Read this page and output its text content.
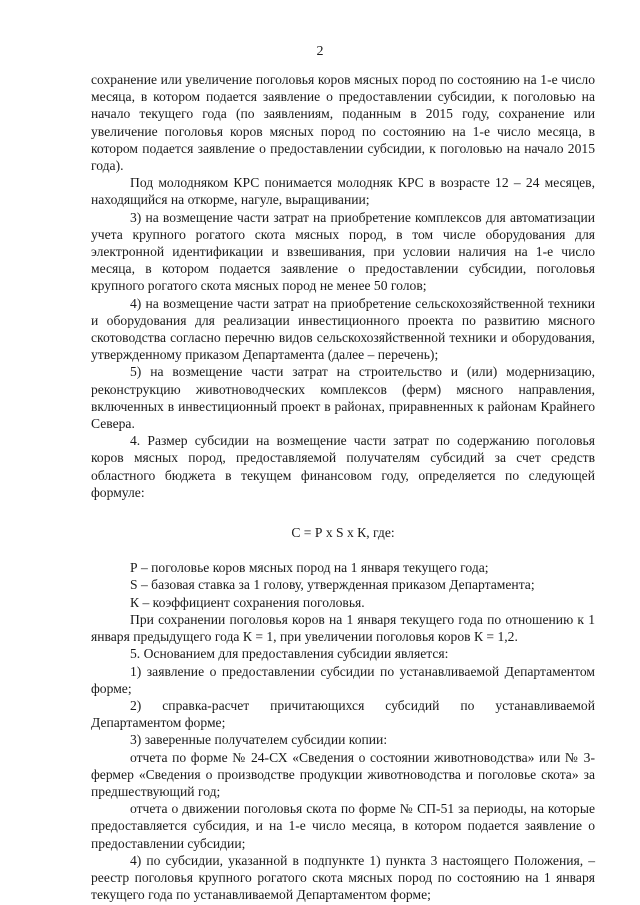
2

сохранение или увеличение поголовья коров мясных пород по состоянию на 1-е число месяца, в котором подается заявление о предоставлении субсидии, к поголовью на начало текущего года (по заявлениям, поданным в 2015 году, сохранение или увеличение поголовья коров мясных пород по состоянию на 1-е число месяца, в котором подается заявление о предоставлении субсидии, к поголовью на начало 2015 года).

Под молодняком КРС понимается молодняк КРС в возрасте 12 – 24 месяцев, находящийся на откорме, нагуле, выращивании;

3) на возмещение части затрат на приобретение комплексов для автоматизации учета крупного рогатого скота мясных пород, в том числе оборудования для электронной идентификации и взвешивания, при условии наличия на 1-е число месяца, в котором подается заявление о предоставлении субсидии, поголовья крупного рогатого скота мясных пород не менее 50 голов;

4) на возмещение части затрат на приобретение сельскохозяйственной техники и оборудования для реализации инвестиционного проекта по развитию мясного скотоводства согласно перечню видов сельскохозяйственной техники и оборудования, утвержденному приказом Департамента (далее – перечень);

5) на возмещение части затрат на строительство и (или) модернизацию, реконструкцию животноводческих комплексов (ферм) мясного направления, включенных в инвестиционный проект в районах, приравненных к районам Крайнего Севера.

4. Размер субсидии на возмещение части затрат по содержанию поголовья коров мясных пород, предоставляемой получателям субсидий за счет средств областного бюджета в текущем финансовом году, определяется по следующей формуле:

С = Р х S х К, где:

Р – поголовье коров мясных пород на 1 января текущего года;

S – базовая ставка за 1 голову, утвержденная приказом Департамента;

К – коэффициент сохранения поголовья.

При сохранении поголовья коров на 1 января текущего года по отношению к 1 января предыдущего года К = 1, при увеличении поголовья коров К = 1,2.

5. Основанием для предоставления субсидии является:

1) заявление о предоставлении субсидии по устанавливаемой Департаментом форме;

2) справка-расчет причитающихся субсидий по устанавливаемой Департаментом форме;

3) заверенные получателем субсидии копии:

отчета по форме № 24-СХ «Сведения о состоянии животноводства» или № 3-фермер «Сведения о производстве продукции животноводства и поголовье скота» за предшествующий год;

отчета о движении поголовья скота по форме № СП-51 за периоды, на которые предоставляется субсидия, и на 1-е число месяца, в котором подается заявление о предоставлении субсидии;

4) по субсидии, указанной в подпункте 1) пункта 3 настоящего Положения, – реестр поголовья крупного рогатого скота мясных пород по состоянию на 1 января текущего года по устанавливаемой Департаментом форме;
